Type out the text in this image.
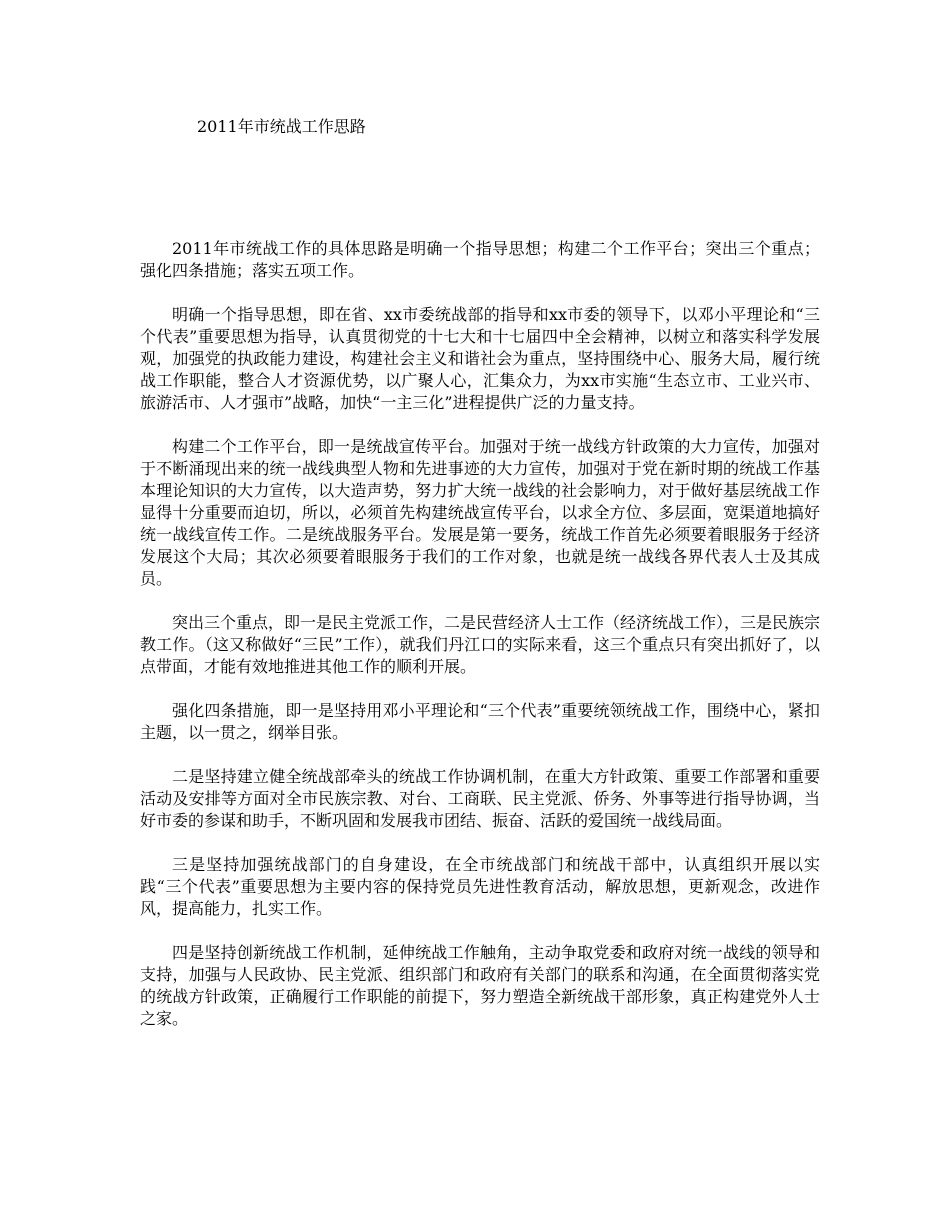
2011年市统战工作思路

2011年市统战工作的具体思路是明确一个指导思想；构建二个工作平台；突出三个重点；强化四条措施；落实五项工作。

明确一个指导思想，即在省、xx市委统战部的指导和xx市委的领导下，以邓小平理论和“三个代表”重要思想为指导，认真贯彻党的十七大和十七届四中全会精神，以树立和落实科学发展观，加强党的执政能力建设，构建社会主义和谐社会为重点，坚持围绕中心、服务大局，履行统战工作职能，整合人才资源优势，以广聚人心，汇集众力，为xx市实施“生态立市、工业兴市、旅游活市、人才强市”战略，加快“一主三化”进程提供广泛的力量支持。

构建二个工作平台，即一是统战宣传平台。加强对于统一战线方针政策的大力宣传，加强对于不断涌现出来的统一战线典型人物和先进事迹的大力宣传，加强对于党在新时期的统战工作基本理论知识的大力宣传，以大造声势，努力扩大统一战线的社会影响力，对于做好基层统战工作显得十分重要而迫切，所以，必须首先构建统战宣传平台，以求全方位、多层面，宽渠道地搞好统一战线宣传工作。二是统战服务平台。发展是第一要务，统战工作首先必须要着眼服务于经济发展这个大局；其次必须要着眼服务于我们的工作对象，也就是统一战线各界代表人士及其成员。

突出三个重点，即一是民主党派工作，二是民营经济人士工作（经济统战工作），三是民族宗教工作。（这又称做好“三民”工作），就我们丹江口的实际来看，这三个重点只有突出抓好了，以点带面，才能有效地推进其他工作的顺利开展。

强化四条措施，即一是坚持用邓小平理论和“三个代表”重要统领统战工作，围绕中心，紧扣主题，以一贯之，纲举目张。

二是坚持建立健全统战部牵头的统战工作协调机制，在重大方针政策、重要工作部署和重要活动及安排等方面对全市民族宗教、对台、工商联、民主党派、侨务、外事等进行指导协调，当好市委的参谋和助手，不断巩固和发展我市团结、振奋、活跃的爱国统一战线局面。

三是坚持加强统战部门的自身建设，在全市统战部门和统战干部中，认真组织开展以实践“三个代表”重要思想为主要内容的保持党员先进性教育活动，解放思想，更新观念，改进作风，提高能力，扎实工作。

四是坚持创新统战工作机制，延伸统战工作触角，主动争取党委和政府对统一战线的领导和支持，加强与人民政协、民主党派、组织部门和政府有关部门的联系和沟通，在全面贯彻落实党的统战方针政策，正确履行工作职能的前提下，努力塑造全新统战干部形象，真正构建党外人士之家。
